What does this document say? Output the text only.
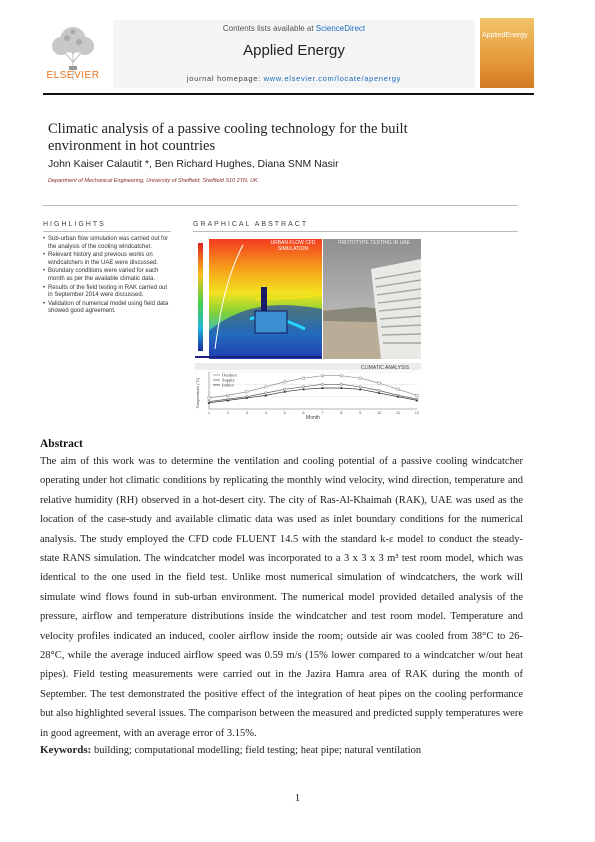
ELSEVIER
Contents lists available at ScienceDirect
Applied Energy
journal homepage: www.elsevier.com/locate/apenergy
AppliedEnergy
Climatic analysis of a passive cooling technology for the built environment in hot countries
John Kaiser Calautit *, Ben Richard Hughes, Diana SNM Nasir
Department of Mechanical Engineering, University of Sheffield, Sheffield S10 2TN, UK
HIGHLIGHTS
• Sub-urban flow simulation was carried out for the analysis of the cooling windcatcher.
• Relevant history and previous works on windcatchers in the UAE were discussed.
• Boundary conditions were varied for each month as per the available climatic data.
• Results of the field testing in RAK carried out in September 2014 were discussed.
• Validation of numerical model using field data showed good agreement.
GRAPHICAL ABSTRACT
URBAN FLOW CFD SIMULATION
PROTOTYPE TESTING IN UAE
1	2	3	4	5	6	7	8	9	10	11	12
Outdoor
Supply
Indoor
CLIMATIC ANALYSIS
Month
Temperature (°C)
Abstract
The aim of this work was to determine the ventilation and cooling potential of a passive cooling windcatcher operating under hot climatic conditions by replicating the monthly wind velocity, wind direction, temperature and relative humidity (RH) observed in a hot-desert city. The city of Ras-Al-Khaimah (RAK), UAE was used as the location of the case-study and available climatic data was used as inlet boundary conditions for the numerical analysis. The study employed the CFD code FLUENT 14.5 with the standard k-ε model to conduct the steady-state RANS simulation. The windcatcher model was incorporated to a 3 x 3 x 3 m³ test room model, which was identical to the one used in the field test. Unlike most numerical simulation of windcatchers, the work will simulate wind flows found in sub-urban environment. The numerical model provided detailed analysis of the pressure, airflow and temperature distributions inside the windcatcher and test room model. Temperature and velocity profiles indicated an induced, cooler airflow inside the room; outside air was cooled from 38°C to 26-28°C, while the average induced airflow speed was 0.59 m/s (15% lower compared to a windcatcher w/out heat pipes). Field testing measurements were carried out in the Jazira Hamra area of RAK during the month of September. The test demonstrated the positive effect of the integration of heat pipes on the cooling performance but also highlighted several issues. The comparison between the measured and predicted supply temperatures were in good agreement, with an average error of 3.15%.
Keywords: building; computational modelling; field testing; heat pipe; natural ventilation
1
